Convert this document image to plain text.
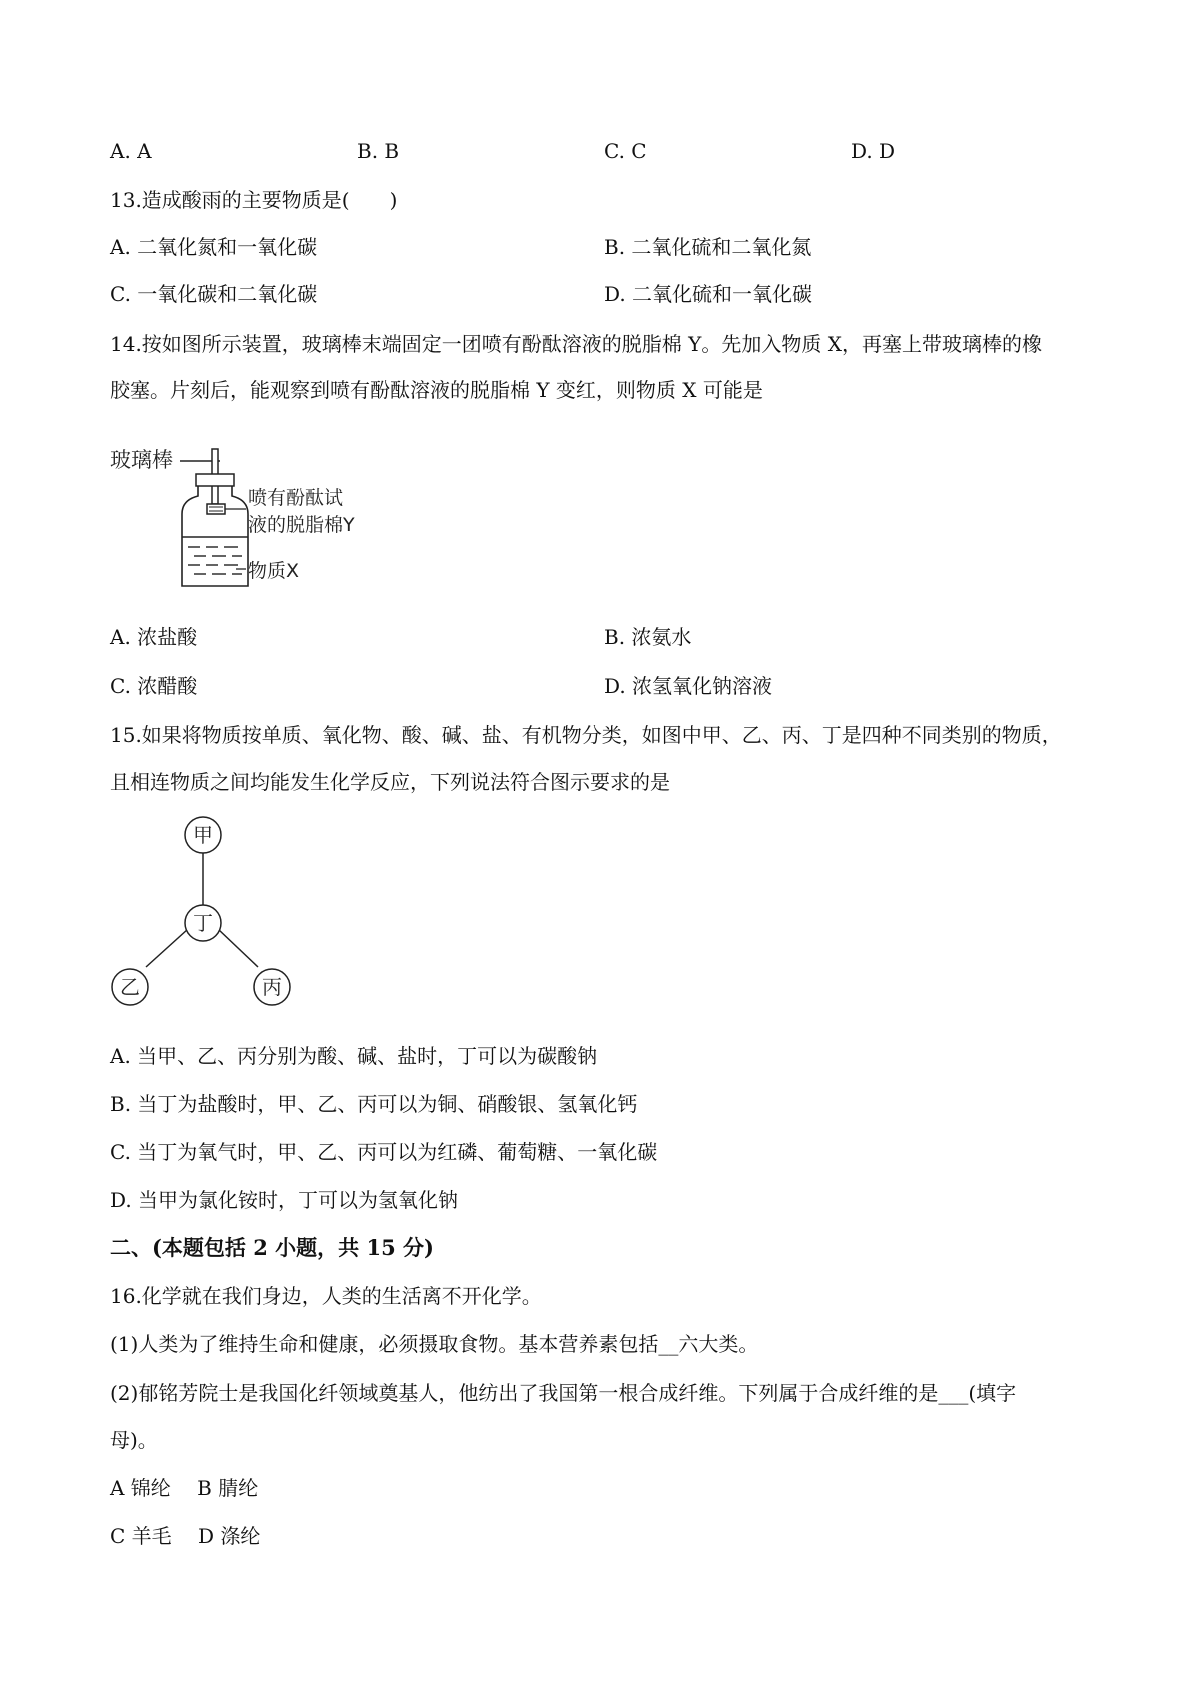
A. A	B. B	C. C	D. D
13.造成酸雨的主要物质是(　　)
A. 二氧化氮和一氧化碳	B. 二氧化硫和二氧化氮
C. 一氧化碳和二氧化碳	D. 二氧化硫和一氧化碳
14.按如图所示装置，玻璃棒末端固定一团喷有酚酞溶液的脱脂棉 Y。先加入物质 X，再塞上带玻璃棒的橡
胶塞。片刻后，能观察到喷有酚酞溶液的脱脂棉 Y 变红，则物质 X 可能是
玻璃棒
喷有酚酞试
液的脱脂棉Y
物质X
A. 浓盐酸	B. 浓氨水
C. 浓醋酸	D. 浓氢氧化钠溶液
15.如果将物质按单质、氧化物、酸、碱、盐、有机物分类，如图中甲、乙、丙、丁是四种不同类别的物质，
且相连物质之间均能发生化学反应，下列说法符合图示要求的是
甲
丁
乙	丙
A. 当甲、乙、丙分别为酸、碱、盐时，丁可以为碳酸钠
B. 当丁为盐酸时，甲、乙、丙可以为铜、硝酸银、氢氧化钙
C. 当丁为氧气时，甲、乙、丙可以为红磷、葡萄糖、一氧化碳
D. 当甲为氯化铵时，丁可以为氢氧化钠
二、(本题包括 2 小题，共 15 分)
16.化学就在我们身边，人类的生活离不开化学。
(1)人类为了维持生命和健康，必须摄取食物。基本营养素包括__六大类。
(2)郁铭芳院士是我国化纤领域奠基人，他纺出了我国第一根合成纤维。下列属于合成纤维的是___(填字
母)。
A 锦纶　 B 腈纶
C 羊毛　 D 涤纶
